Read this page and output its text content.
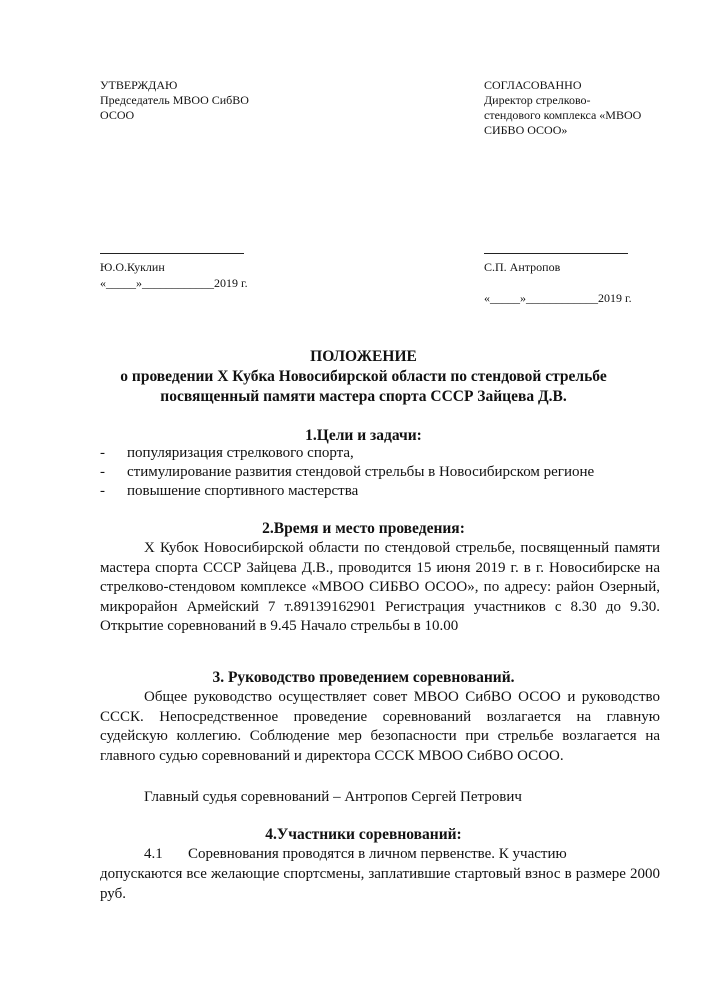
УТВЕРЖДАЮ
Председатель МВОО СибВО
ОСОО
Ю.О.Куклин
«_____»____________2019 г.
СОГЛАСОВАННО
Директор стрелково-
стендового комплекса «МВОО
СИБВО ОСОО»
С.П. Антропов
«_____»____________2019 г.
ПОЛОЖЕНИЕ
о проведении X Кубка Новосибирской области по стендовой стрельбе
посвященный памяти мастера спорта СССР Зайцева Д.В.
1.Цели и задачи:
- популяризация стрелкового спорта,
- стимулирование развития стендовой стрельбы в Новосибирском регионе
- повышение спортивного мастерства
2.Время и место проведения:
X Кубок Новосибирской области по стендовой стрельбе, посвященный памяти мастера спорта СССР Зайцева Д.В., проводится 15 июня 2019 г. в г. Новосибирске на стрелково-стендовом комплексе «МВОО СИБВО ОСОО», по адресу: район Озерный, микрорайон Армейский 7 т.89139162901 Регистрация участников с 8.30 до 9.30. Открытие соревнований в 9.45 Начало стрельбы в 10.00
3. Руководство проведением соревнований.
Общее руководство осуществляет совет МВОО СибВО ОСОО и руководство СССК. Непосредственное проведение соревнований возлагается на главную судейскую коллегию. Соблюдение мер безопасности при стрельбе возлагается на главного судью соревнований и директора СССК МВОО СибВО ОСОО.
Главный судья соревнований – Антропов Сергей Петрович
4.Участники соревнований:
4.1 Соревнования проводятся в личном первенстве. К участию
допускаются все желающие спортсмены, заплатившие стартовый взнос в размере 2000 руб.
